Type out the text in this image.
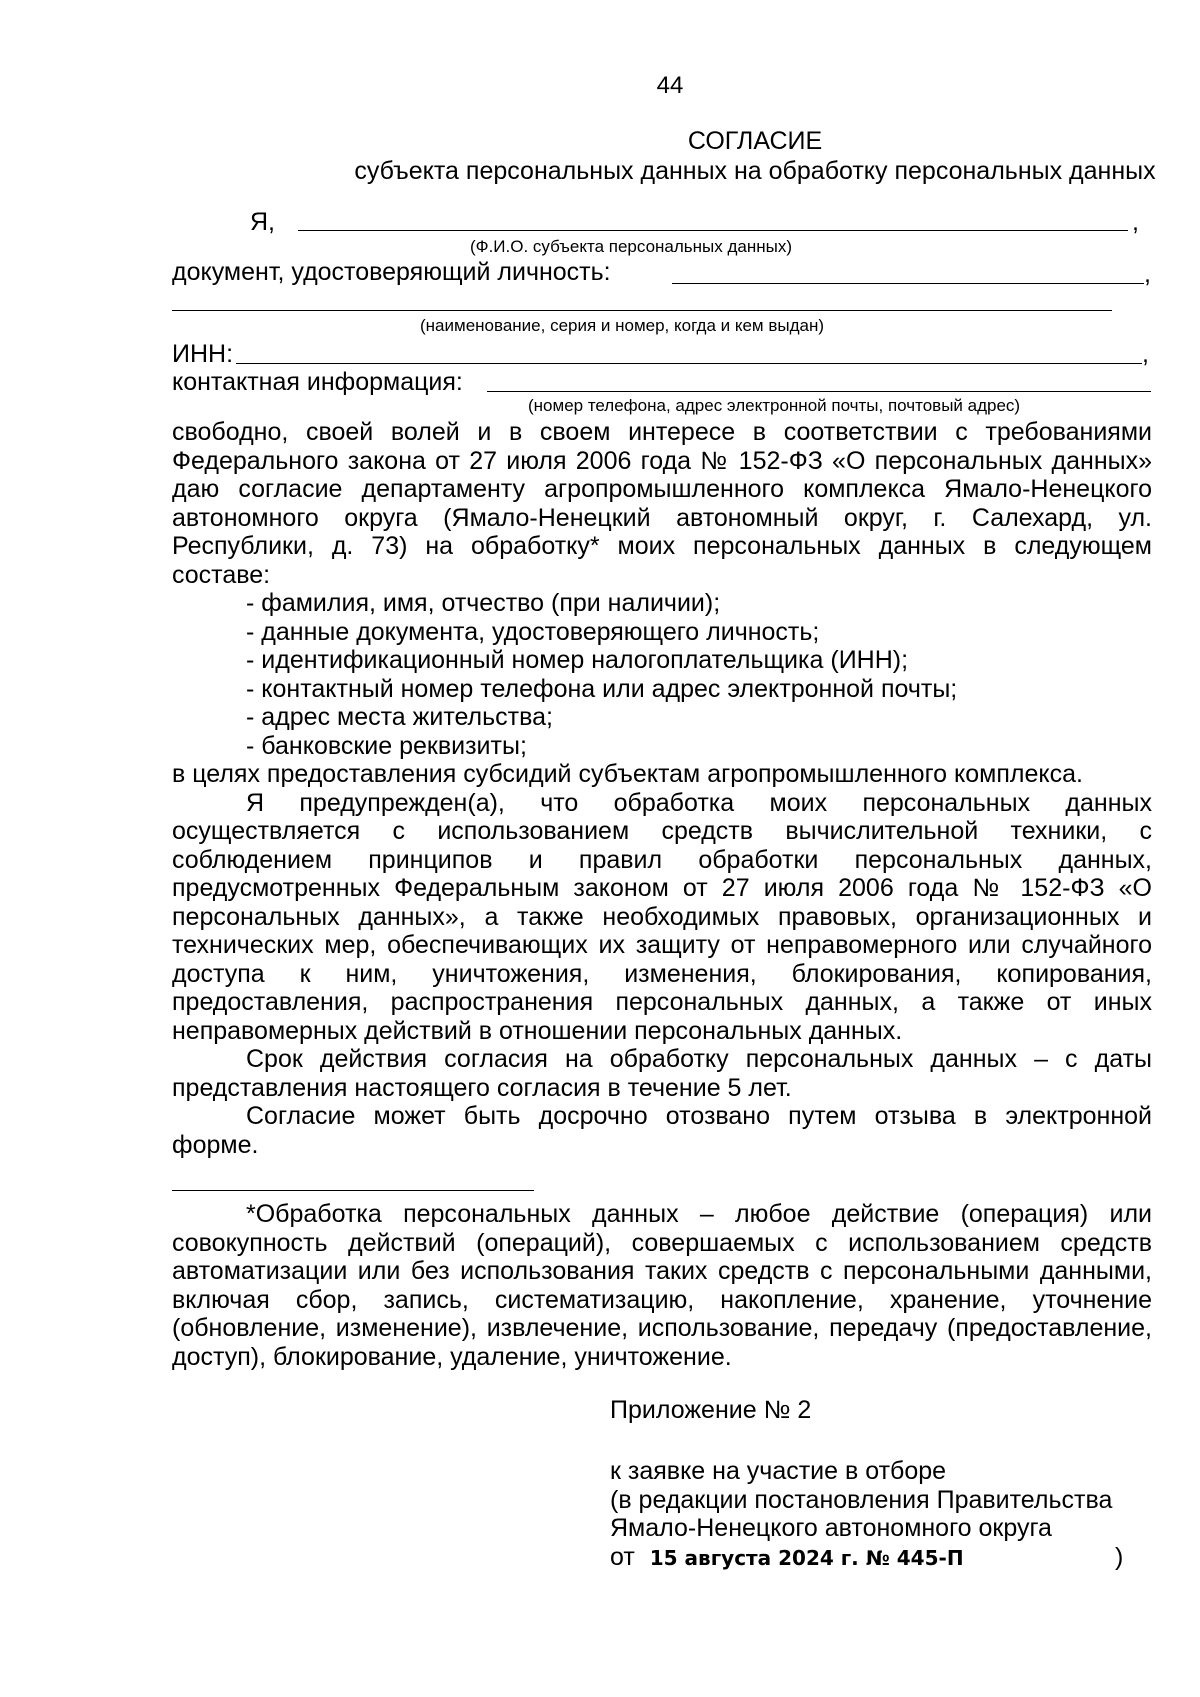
44
СОГЛАСИЕ
субъекта персональных данных на обработку персональных данных
Я,	,
(Ф.И.О. субъекта персональных данных)
документ, удостоверяющий личность:	,
(наименование, серия и номер, когда и кем выдан)
ИНН:	,
контактная информация:
(номер телефона, адрес электронной почты, почтовый адрес)

свободно, своей волей и в своем интересе в соответствии с требованиями Федерального закона от 27 июля 2006 года № 152-ФЗ «О персональных данных» даю согласие департаменту агропромышленного комплекса Ямало-Ненецкого автономного округа (Ямало-Ненецкий автономный округ, г. Салехард, ул. Республики, д. 73) на обработку* моих персональных данных в следующем составе:

- фамилия, имя, отчество (при наличии);
- данные документа, удостоверяющего личность;
- идентификационный номер налогоплательщика (ИНН);
- контактный номер телефона или адрес электронной почты;
- адрес места жительства;
- банковские реквизиты;

в целях предоставления субсидий субъектам агропромышленного комплекса.

Я предупрежден(а), что обработка моих персональных данных осуществляется с использованием средств вычислительной техники, с соблюдением принципов и правил обработки персональных данных, предусмотренных Федеральным законом от 27 июля 2006 года № 152-ФЗ «О персональных данных», а также необходимых правовых, организационных и технических мер, обеспечивающих их защиту от неправомерного или случайного доступа к ним, уничтожения, изменения, блокирования, копирования, предоставления, распространения персональных данных, а также от иных неправомерных действий в отношении персональных данных.

Срок действия согласия на обработку персональных данных – с даты представления настоящего согласия в течение 5 лет.

Согласие может быть досрочно отозвано путем отзыва в электронной форме.

*Обработка персональных данных – любое действие (операция) или совокупность действий (операций), совершаемых с использованием средств автоматизации или без использования таких средств с персональными данными, включая сбор, запись, систематизацию, накопление, хранение, уточнение (обновление, изменение), извлечение, использование, передачу (предоставление, доступ), блокирование, удаление, уничтожение.

Приложение № 2
к заявке на участие в отборе
(в редакции постановления Правительства
Ямало-Ненецкого автономного округа
от 15 августа 2024 г. № 445-П	)
